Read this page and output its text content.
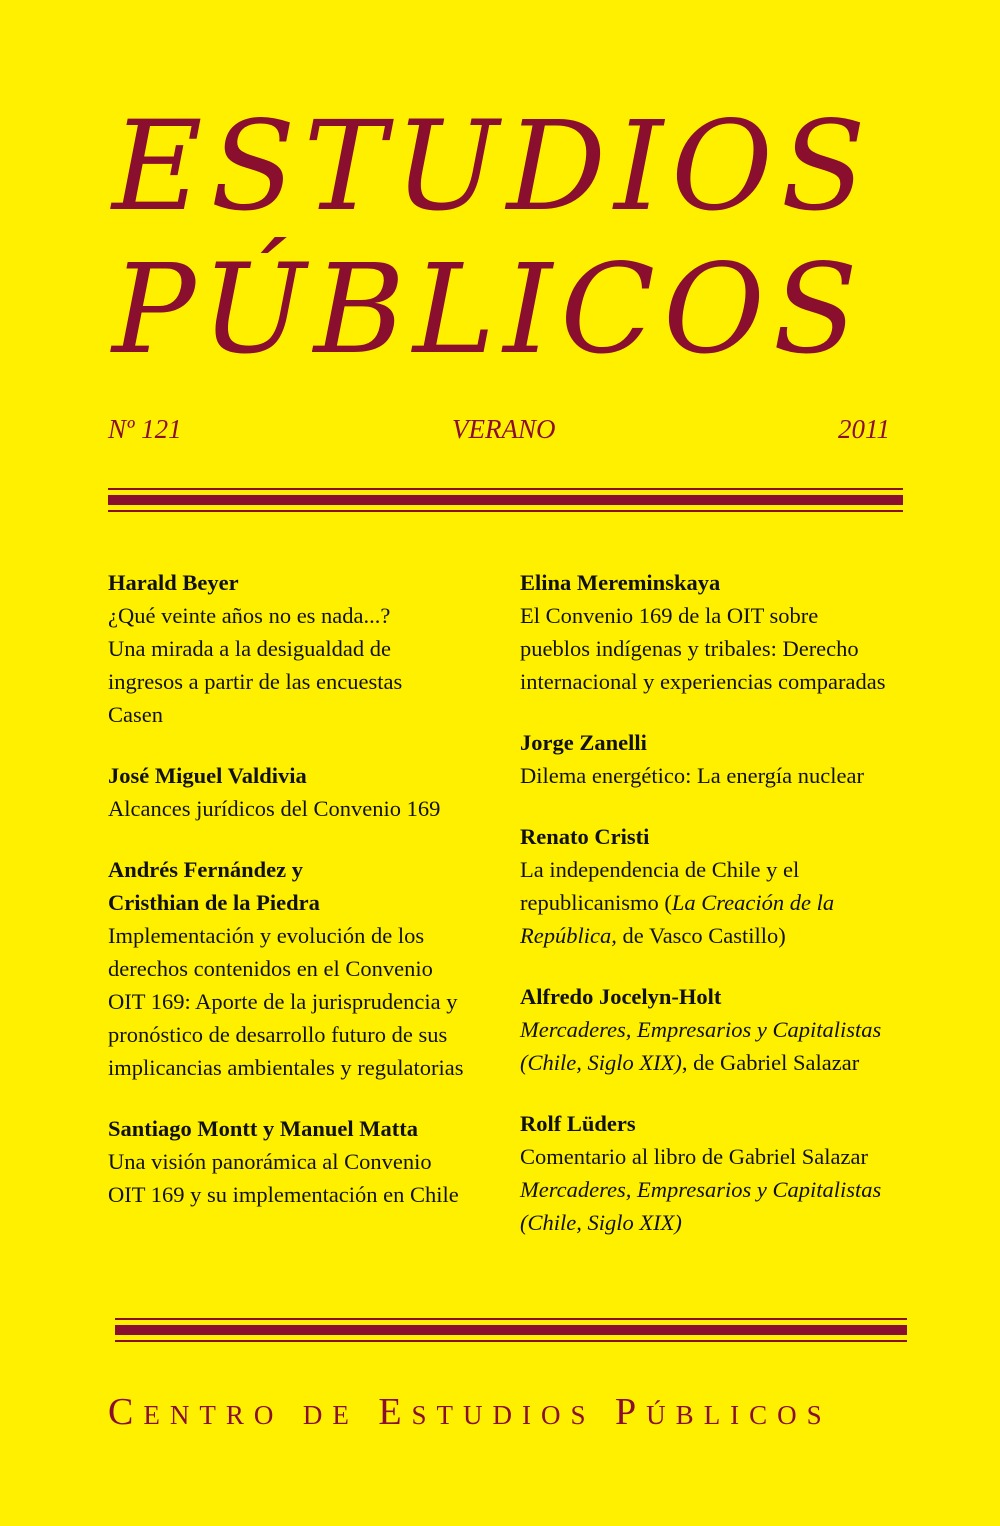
ESTUDIOS
PÚBLICOS
Nº 121	VERANO	2011
Harald Beyer
¿Qué veinte años no es nada...?
Una mirada a la desigualdad de
ingresos a partir de las encuestas
Casen
José Miguel Valdivia
Alcances jurídicos del Convenio 169
Andrés Fernández y
Cristhian de la Piedra
Implementación y evolución de los
derechos contenidos en el Convenio
OIT 169: Aporte de la jurisprudencia y
pronóstico de desarrollo futuro de sus
implicancias ambientales y regulatorias
Santiago Montt y Manuel Matta
Una visión panorámica al Convenio
OIT 169 y su implementación en Chile
Elina Mereminskaya
El Convenio 169 de la OIT sobre
pueblos indígenas y tribales: Derecho
internacional y experiencias comparadas
Jorge Zanelli
Dilema energético: La energía nuclear
Renato Cristi
La independencia de Chile y el
republicanismo (La Creación de la
República, de Vasco Castillo)
Alfredo Jocelyn-Holt
Mercaderes, Empresarios y Capitalistas
(Chile, Siglo XIX), de Gabriel Salazar
Rolf Lüders
Comentario al libro de Gabriel Salazar
Mercaderes, Empresarios y Capitalistas
(Chile, Siglo XIX)
Centro de Estudios Públicos
